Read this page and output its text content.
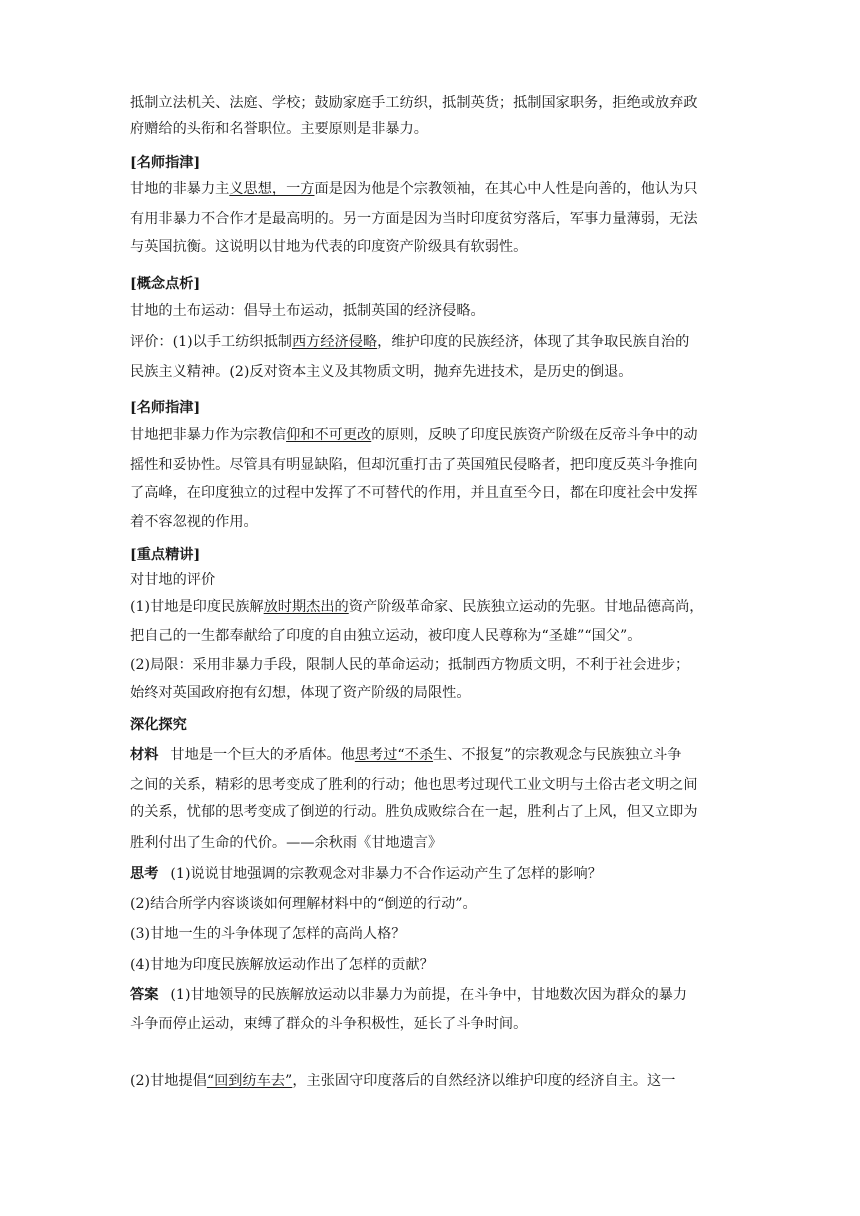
抵制立法机关、法庭、学校；鼓励家庭手工纺织，抵制英货；抵制国家职务，拒绝或放弃政
府赠给的头衔和名誉职位。主要原则是非暴力。
[名师指津]
甘地的非暴力主义思想，一方面是因为他是个宗教领袖，在其心中人性是向善的，他认为只
有用非暴力不合作才是最高明的。另一方面是因为当时印度贫穷落后，军事力量薄弱，无法
与英国抗衡。这说明以甘地为代表的印度资产阶级具有软弱性。
[概念点析]
甘地的土布运动：倡导土布运动，抵制英国的经济侵略。
评价：(1)以手工纺织抵制西方经济侵略，维护印度的民族经济，体现了其争取民族自治的
民族主义精神。(2)反对资本主义及其物质文明，抛弃先进技术，是历史的倒退。
[名师指津]
甘地把非暴力作为宗教信仰和不可更改的原则，反映了印度民族资产阶级在反帝斗争中的动
摇性和妥协性。尽管具有明显缺陷，但却沉重打击了英国殖民侵略者，把印度反英斗争推向
了高峰，在印度独立的过程中发挥了不可替代的作用，并且直至今日，都在印度社会中发挥
着不容忽视的作用。
[重点精讲]
对甘地的评价
(1)甘地是印度民族解放时期杰出的资产阶级革命家、民族独立运动的先驱。甘地品德高尚，
把自己的一生都奉献给了印度的自由独立运动，被印度人民尊称为“圣雄”“国父”。
(2)局限：采用非暴力手段，限制人民的革命运动；抵制西方物质文明，不利于社会进步；
始终对英国政府抱有幻想，体现了资产阶级的局限性。
深化探究
材料 甘地是一个巨大的矛盾体。他思考过“不杀生、不报复”的宗教观念与民族独立斗争
之间的关系，精彩的思考变成了胜利的行动；他也思考过现代工业文明与土俗古老文明之间
的关系，忧郁的思考变成了倒逆的行动。胜负成败综合在一起，胜利占了上风，但又立即为
胜利付出了生命的代价。——余秋雨《甘地遗言》
思考 (1)说说甘地强调的宗教观念对非暴力不合作运动产生了怎样的影响？
(2)结合所学内容谈谈如何理解材料中的“倒逆的行动”。
(3)甘地一生的斗争体现了怎样的高尚人格？
(4)甘地为印度民族解放运动作出了怎样的贡献？
答案 (1)甘地领导的民族解放运动以非暴力为前提，在斗争中，甘地数次因为群众的暴力
斗争而停止运动，束缚了群众的斗争积极性，延长了斗争时间。
(2)甘地提倡“回到纺车去”，主张固守印度落后的自然经济以维护印度的经济自主。这一
